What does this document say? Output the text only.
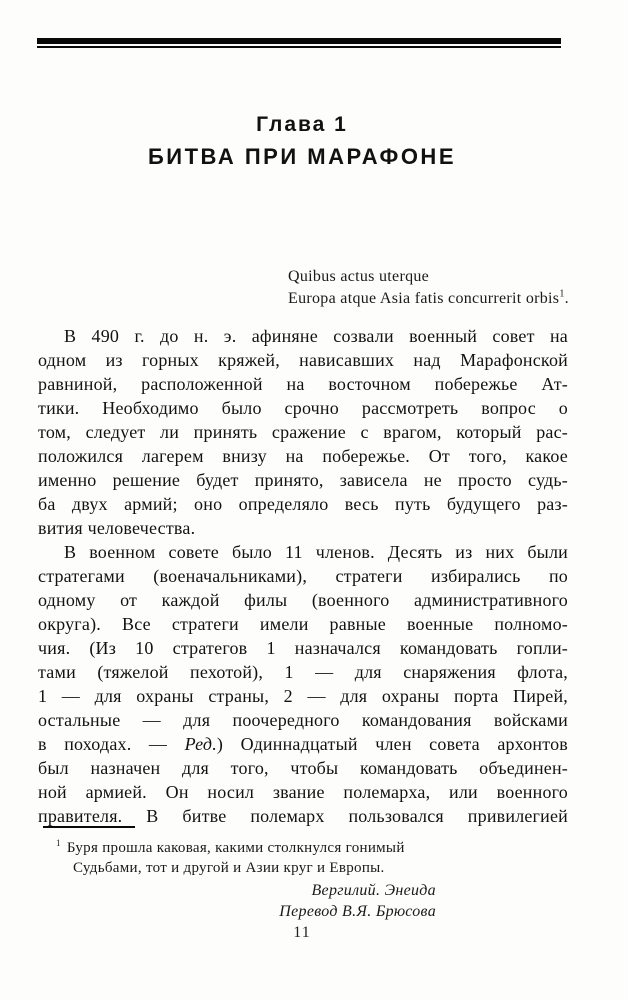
Глава 1
БИТВА ПРИ МАРАФОНЕ
Quibus actus uterque
Europa atque Asia fatis concurrerit orbis$^1$.
В 490 г. до н. э. афиняне созвали военный совет на
одном из горных кряжей, нависавших над Марафонской
равниной, расположенной на восточном побережье Ат-
тики. Необходимо было срочно рассмотреть вопрос о
том, следует ли принять сражение с врагом, который рас-
положился лагерем внизу на побережье. От того, какое
именно решение будет принято, зависела не просто судь-
ба двух армий; оно определяло весь путь будущего раз-
вития человечества.
В военном совете было 11 членов. Десять из них были
стратегами (военачальниками), стратеги избирались по
одному от каждой филы (военного административного
округа). Все стратеги имели равные военные полномо-
чия. (Из 10 стратегов 1 назначался командовать гопли-
тами (тяжелой пехотой), 1 — для снаряжения флота,
1 — для охраны страны, 2 — для охраны порта Пирей,
остальные — для поочередного командования войсками
в походах. — Ред.) Одиннадцатый член совета архонтов
был назначен для того, чтобы командовать объединен-
ной армией. Он носил звание полемарха, или военного
правителя. В битве полемарх пользовался привилегией
$^1$ Буря прошла каковая, какими столкнулся гонимый
Судьбами, тот и другой и Азии круг и Европы.
Вергилий. Энеида
Перевод В.Я. Брюсова
11
